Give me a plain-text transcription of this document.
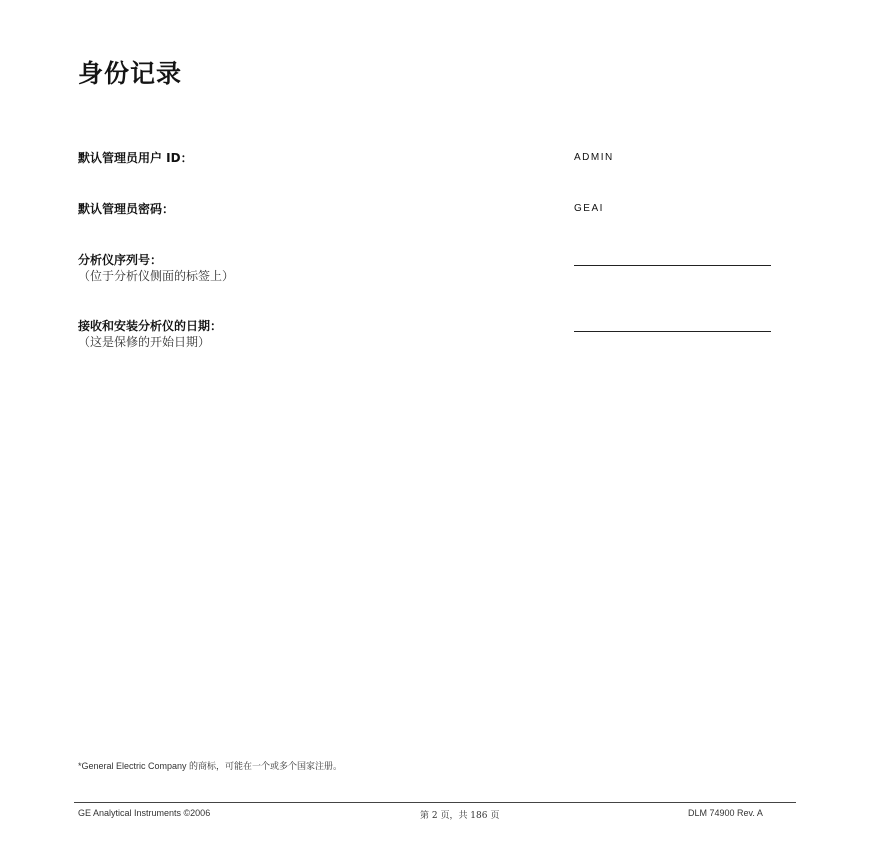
身份记录
默认管理员用户 ID：	ADMIN
默认管理员密码：	GEAI
分析仪序列号：
（位于分析仪侧面的标签上）
接收和安装分析仪的日期：
（这是保修的开始日期）
*General Electric Company 的商标，可能在一个或多个国家注册。
GE Analytical Instruments ©2006	第 2 页，共 186 页	DLM 74900 Rev. A
